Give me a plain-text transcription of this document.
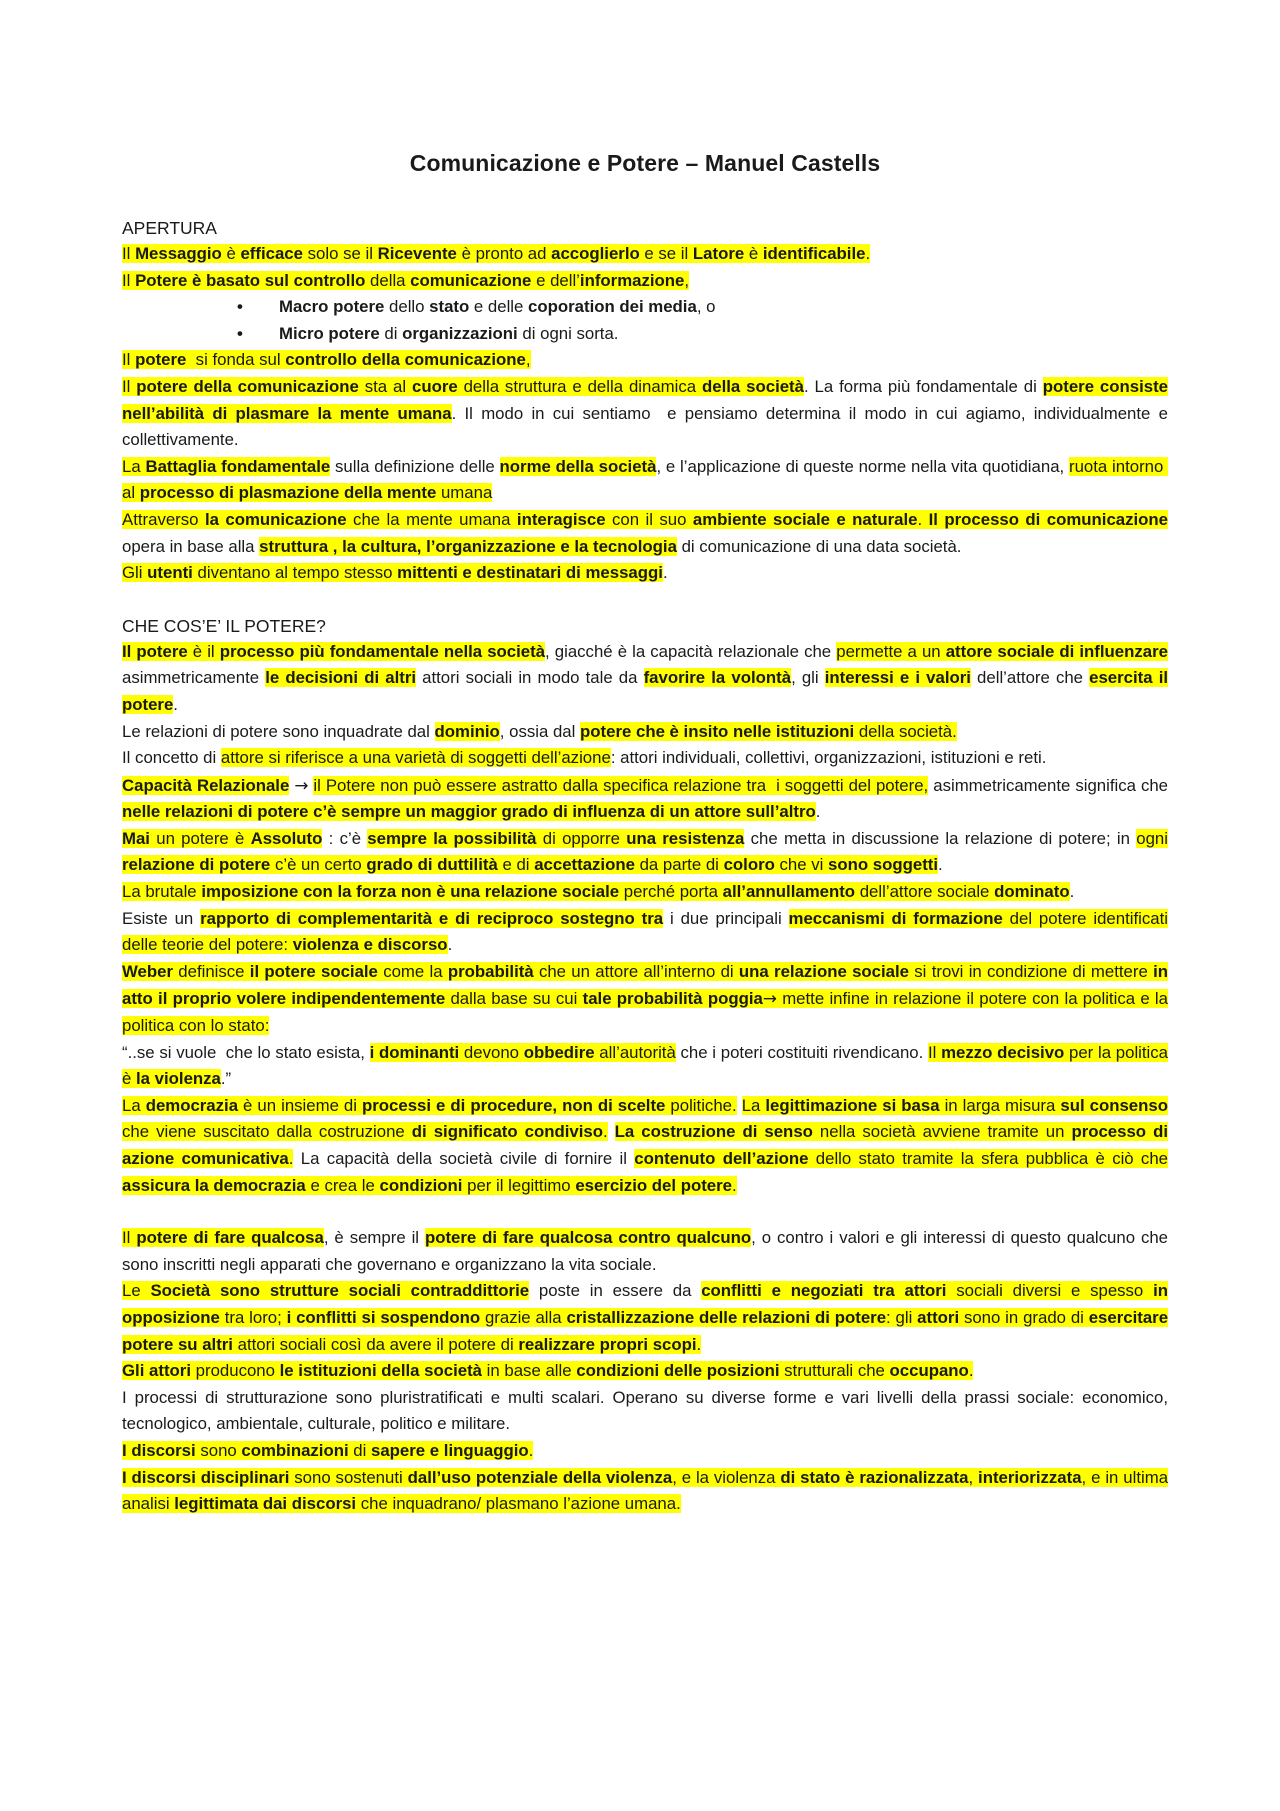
Comunicazione e Potere – Manuel Castells

APERTURA

Il Messaggio è efficace solo se il Ricevente è pronto ad accoglierlo e se il Latore è identificabile.

Il Potere è basato sul controllo della comunicazione e dell’informazione,

• Macro potere dello stato e delle coporation dei media, o
• Micro potere di organizzazioni di ogni sorta.

Il potere  si fonda sul controllo della comunicazione,

Il potere della comunicazione sta al cuore della struttura e della dinamica della società. La forma più fondamentale di potere consiste nell’abilità di plasmare la mente umana. Il modo in cui sentiamo  e pensiamo determina il modo in cui agiamo, individualmente e collettivamente.

La Battaglia fondamentale sulla definizione delle norme della società, e l’applicazione di queste norme nella vita quotidiana, ruota intorno  al processo di plasmazione della mente umana

Attraverso la comunicazione che la mente umana interagisce con il suo ambiente sociale e naturale. Il processo di comunicazione opera in base alla struttura , la cultura, l’organizzazione e la tecnologia di comunicazione di una data società.

Gli utenti diventano al tempo stesso mittenti e destinatari di messaggi.

CHE COS’E’ IL POTERE?

Il potere è il processo più fondamentale nella società, giacché è la capacità relazionale che permette a un attore sociale di influenzare asimmetricamente le decisioni di altri attori sociali in modo tale da favorire la volontà, gli interessi e i valori dell’attore che esercita il potere.

Le relazioni di potere sono inquadrate dal dominio, ossia dal potere che è insito nelle istituzioni della società.

Il concetto di attore si riferisce a una varietà di soggetti dell’azione: attori individuali, collettivi, organizzazioni, istituzioni e reti.

Capacità Relazionale → il Potere non può essere astratto dalla specifica relazione tra  i soggetti del potere, asimmetricamente significa che nelle relazioni di potere c’è sempre un maggior grado di influenza di un attore sull’altro.

Mai un potere è Assoluto : c’è sempre la possibilità di opporre una resistenza che metta in discussione la relazione di potere; in ogni relazione di potere c’è un certo grado di duttilità e di accettazione da parte di coloro che vi sono soggetti.

La brutale imposizione con la forza non è una relazione sociale perché porta all’annullamento dell’attore sociale dominato.

Esiste un rapporto di complementarità e di reciproco sostegno tra i due principali meccanismi di formazione del potere identificati delle teorie del potere: violenza e discorso.

Weber definisce il potere sociale come la probabilità che un attore all’interno di una relazione sociale si trovi in condizione di mettere in atto il proprio volere indipendentemente dalla base su cui tale probabilità poggia→ mette infine in relazione il potere con la politica e la politica con lo stato:

“..se si vuole  che lo stato esista, i dominanti devono obbedire all’autorità che i poteri costituiti rivendicano. Il mezzo decisivo per la politica è la violenza.”

La democrazia è un insieme di processi e di procedure, non di scelte politiche. La legittimazione si basa in larga misura sul consenso che viene suscitato dalla costruzione di significato condiviso. La costruzione di senso nella società avviene tramite un processo di azione comunicativa. La capacità della società civile di fornire il contenuto dell’azione dello stato tramite la sfera pubblica è ciò che assicura la democrazia e crea le condizioni per il legittimo esercizio del potere.

Il potere di fare qualcosa, è sempre il potere di fare qualcosa contro qualcuno, o contro i valori e gli interessi di questo qualcuno che sono inscritti negli apparati che governano e organizzano la vita sociale.

Le Società sono strutture sociali contraddittorie poste in essere da conflitti e negoziati tra attori sociali diversi e spesso in opposizione tra loro; i conflitti si sospendono grazie alla cristallizzazione delle relazioni di potere: gli attori sono in grado di esercitare potere su altri attori sociali così da avere il potere di realizzare propri scopi.

Gli attori producono le istituzioni della società in base alle condizioni delle posizioni strutturali che occupano.

I processi di strutturazione sono pluristratificati e multi scalari. Operano su diverse forme e vari livelli della prassi sociale: economico, tecnologico, ambientale, culturale, politico e militare.

I discorsi sono combinazioni di sapere e linguaggio.

I discorsi disciplinari sono sostenuti dall’uso potenziale della violenza, e la violenza di stato è razionalizzata, interiorizzata, e in ultima analisi legittimata dai discorsi che inquadrano/ plasmano l’azione umana.
